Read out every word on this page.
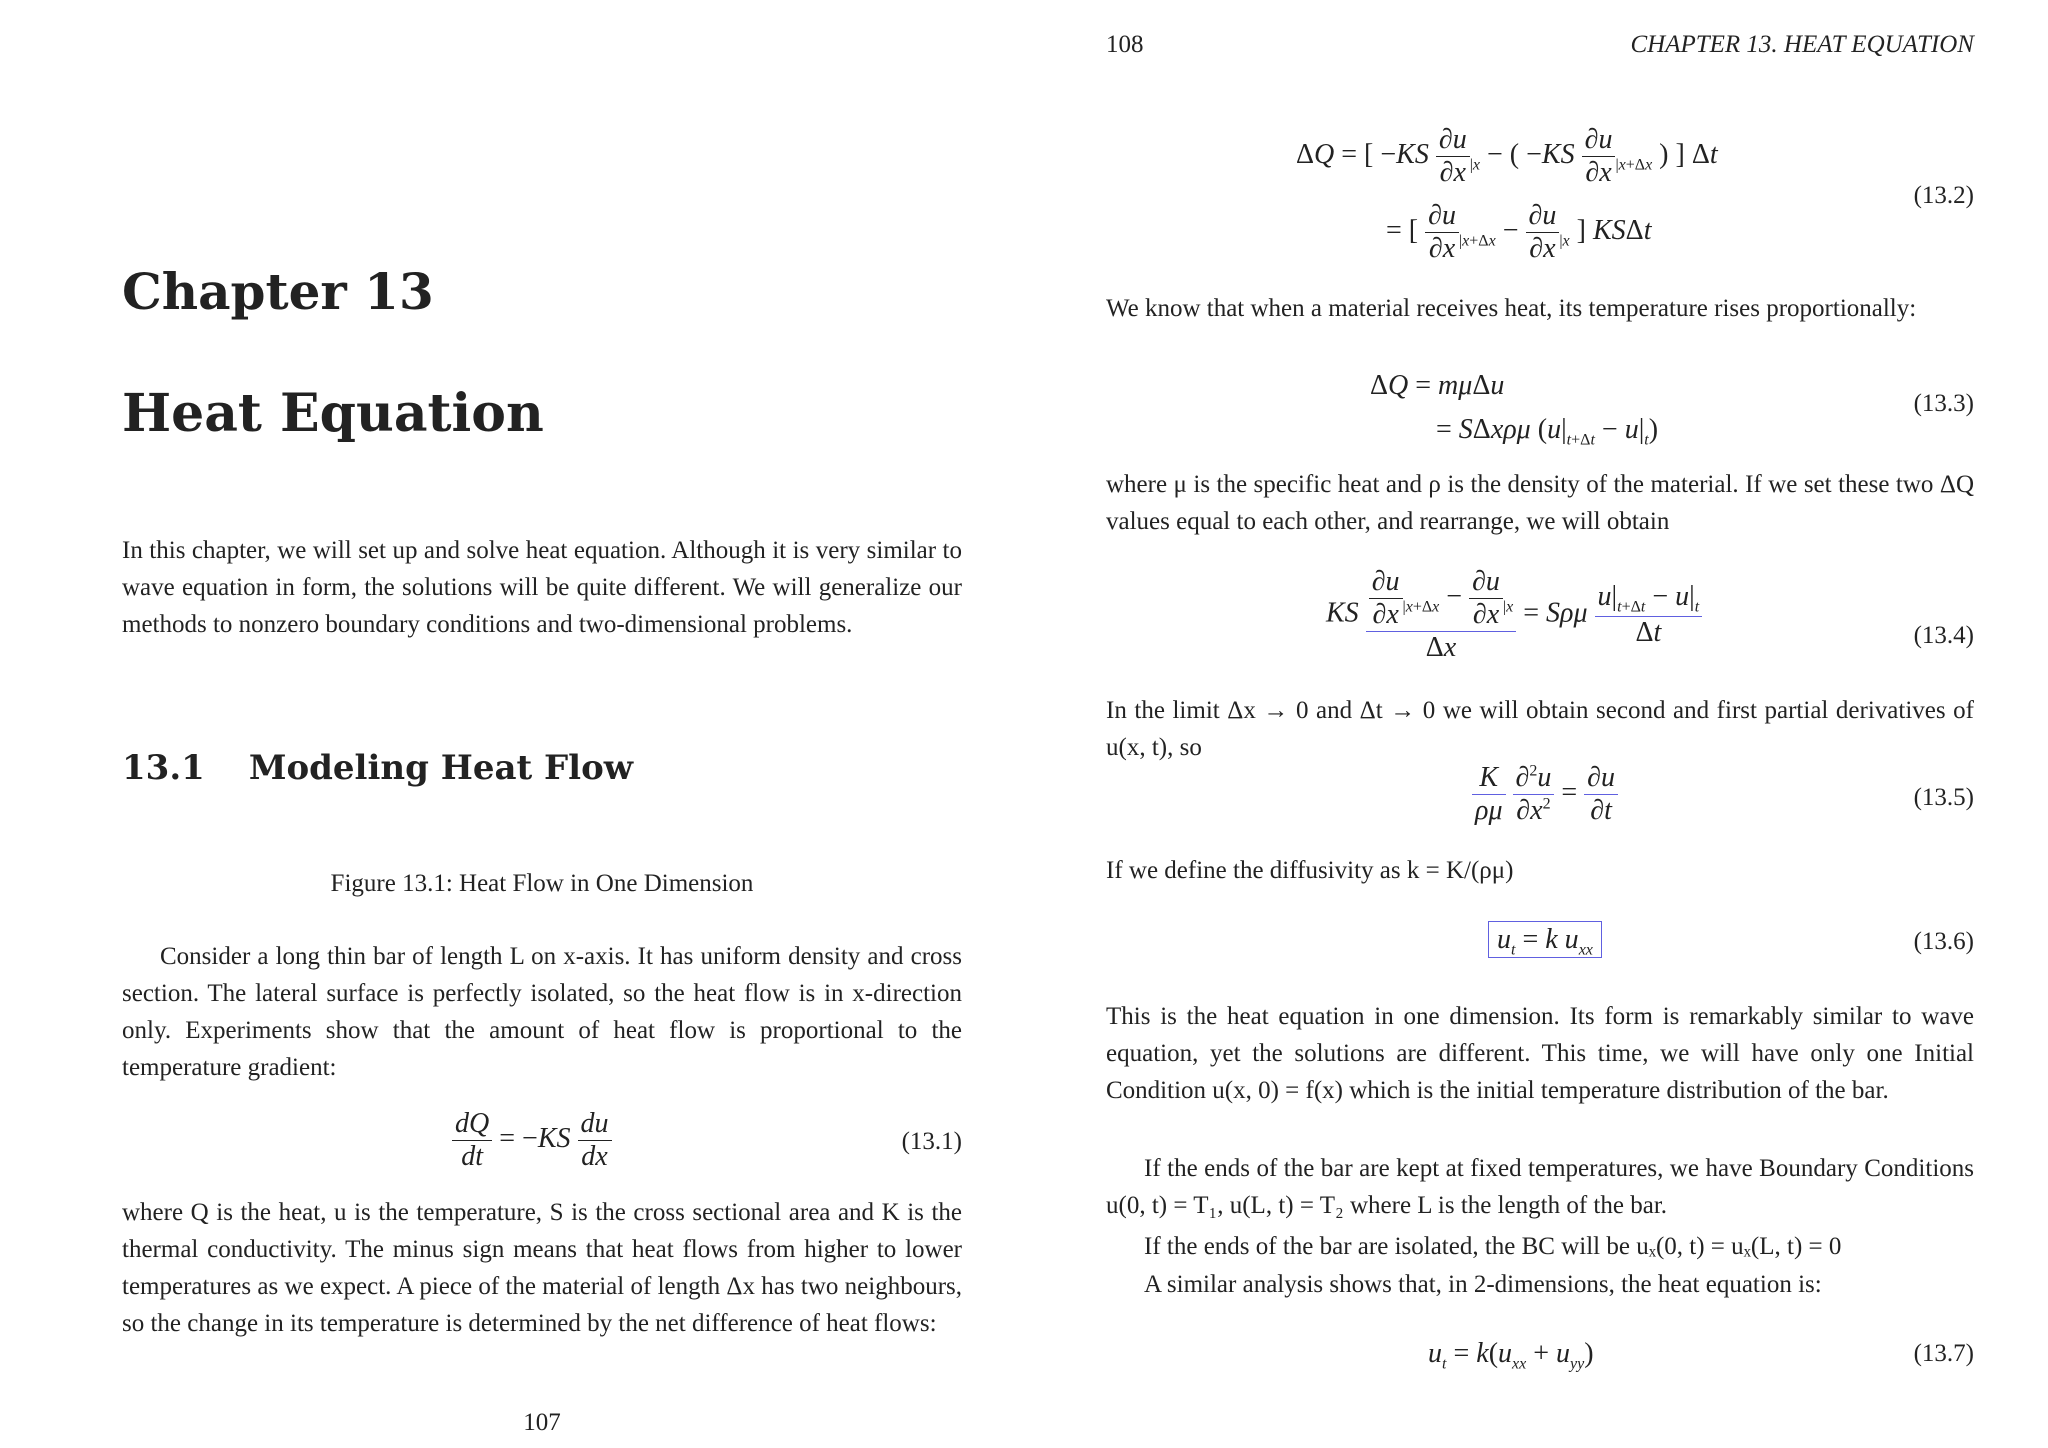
Chapter 13
Heat Equation

In this chapter, we will set up and solve heat equation. Although it is very similar to wave equation in form, the solutions will be quite different. We will generalize our methods to nonzero boundary conditions and two-dimensional problems.

13.1 Modeling Heat Flow
Figure 13.1: Heat Flow in One Dimension

Consider a long thin bar of length L on x-axis. It has uniform density and cross section. The lateral surface is perfectly isolated, so the heat flow is in x-direction only. Experiments show that the amount of heat flow is proportional to the temperature gradient:

$\frac{dQ}{dt} = -KS \frac{du}{dx}$	(13.1)

where Q is the heat, u is the temperature, S is the cross sectional area and K is the thermal conductivity. The minus sign means that heat flows from higher to lower temperatures as we expect. A piece of the material of length Δx has two neighbours, so the change in its temperature is determined by the net difference of heat flows:

107
108	CHAPTER 13. HEAT EQUATION
ΔQ = [ $-KS \frac{\partial u}{\partial x} _{|x}$ − ( $-KS \frac{\partial u}{\partial x} _{|x+\Delta x}$ ) ] Δt
= [ $\frac{\partial u}{\partial x} _{|x+\Delta x} - \frac{\partial u}{\partial x} _{|x}$ ] KSΔt
(13.2)

We know that when a material receives heat, its temperature rises proportionally:

ΔQ = mμΔu
= SΔxρμ $(u|_{t+\Delta t} - u|_t)$
(13.3)

where μ is the specific heat and ρ is the density of the material. If we set these two ΔQ values equal to each other, and rearrange, we will obtain

KS $\frac{\frac{\partial u}{\partial x} _{|x+\Delta x} - \frac{\partial u}{\partial x} _{|x}}{\Delta x} = S\rho\mu \frac{u|_{t+\Delta t} - u|_t}{\Delta t}$	(13.4)

In the limit Δx → 0 and Δt → 0 we will obtain second and first partial derivatives of u(x, t), so

$\frac{K}{\rho\mu}$
$\frac{\partial^2u}{\partial x^2} = \frac{\partial u}{\partial t}$	(13.5)

If we define the diffusivity as k = K/(ρμ)

$u_t = k$ $u_{xx}$	(13.6)

This is the heat equation in one dimension. Its form is remarkably similar to wave equation, yet the solutions are different. This time, we will have only one Initial Condition u(x, 0) = f(x) which is the initial temperature distribution of the bar.

If the ends of the bar are kept at fixed temperatures, we have Boundary Conditions u(0, t) = T₁, u(L, t) = T₂ where L is the length of the bar.

If the ends of the bar are isolated, the BC will be uₓ(0, t) = uₓ(L, t) = 0

A similar analysis shows that, in 2-dimensions, the heat equation is:

$u_t = k(u_{xx} + u_{yy})$	(13.7)
